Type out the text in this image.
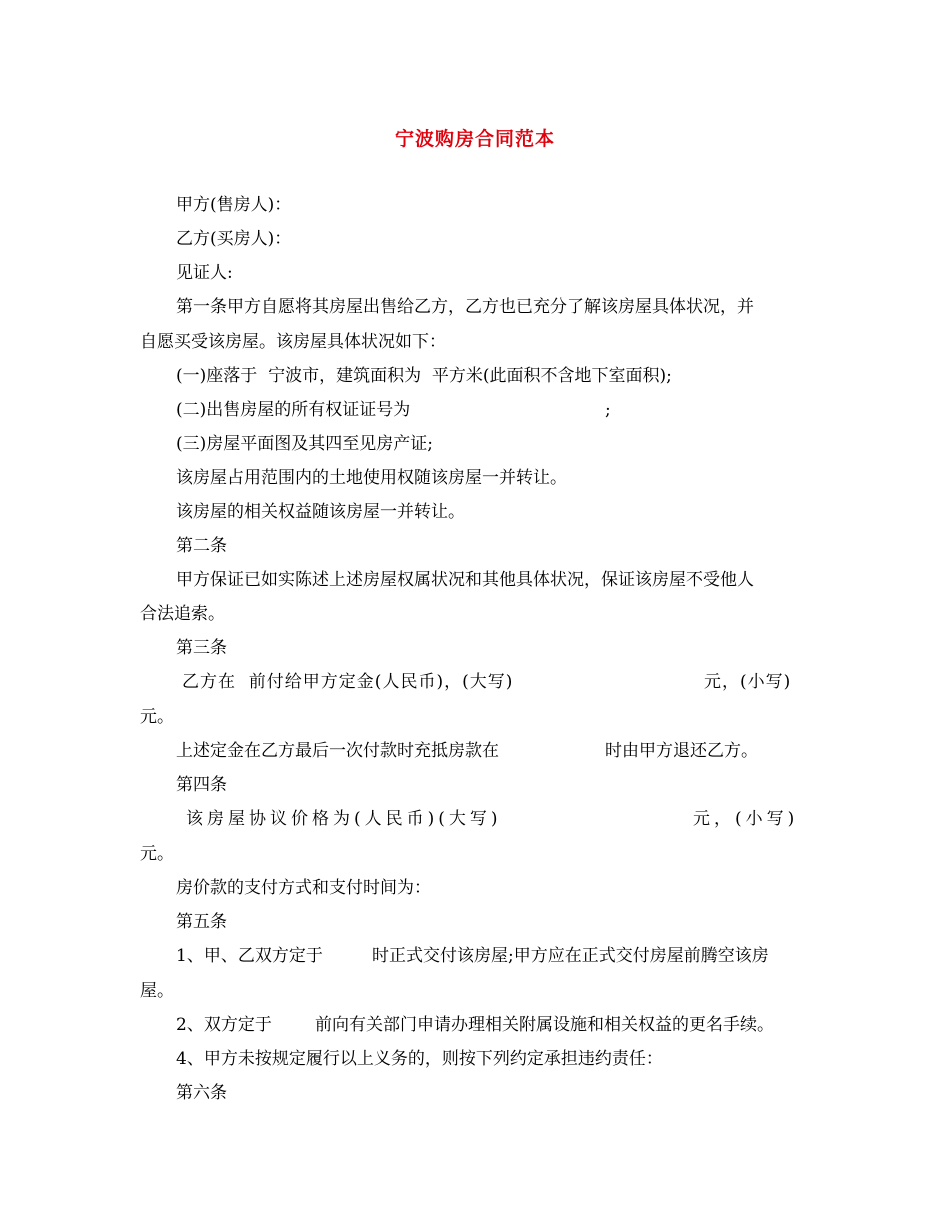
宁波购房合同范本
甲方(售房人)：
乙方(买房人)：
见证人:
第一条甲方自愿将其房屋出售给乙方，乙方也已充分了解该房屋具体状况，并
自愿买受该房屋。该房屋具体状况如下：
(一)座落于  宁波市，建筑面积为  平方米(此面积不含地下室面积);
(二)出售房屋的所有权证证号为	;
(三)房屋平面图及其四至见房产证;
该房屋占用范围内的土地使用权随该房屋一并转让。
该房屋的相关权益随该房屋一并转让。
第二条
甲方保证已如实陈述上述房屋权属状况和其他具体状况，保证该房屋不受他人
合法追索。
第三条
乙方在  前付给甲方定金(人民币)，(大写)	元，(小写)
元。
上述定金在乙方最后一次付款时充抵房款在	时由甲方退还乙方。
第四条
该房屋协议价格为(人民币)(大写)	元，(小写)
元。
房价款的支付方式和支付时间为：
第五条
1、甲、乙双方定于	时正式交付该房屋;甲方应在正式交付房屋前腾空该房
屋。
2、双方定于	前向有关部门申请办理相关附属设施和相关权益的更名手续。
4、甲方未按规定履行以上义务的，则按下列约定承担违约责任：
第六条
